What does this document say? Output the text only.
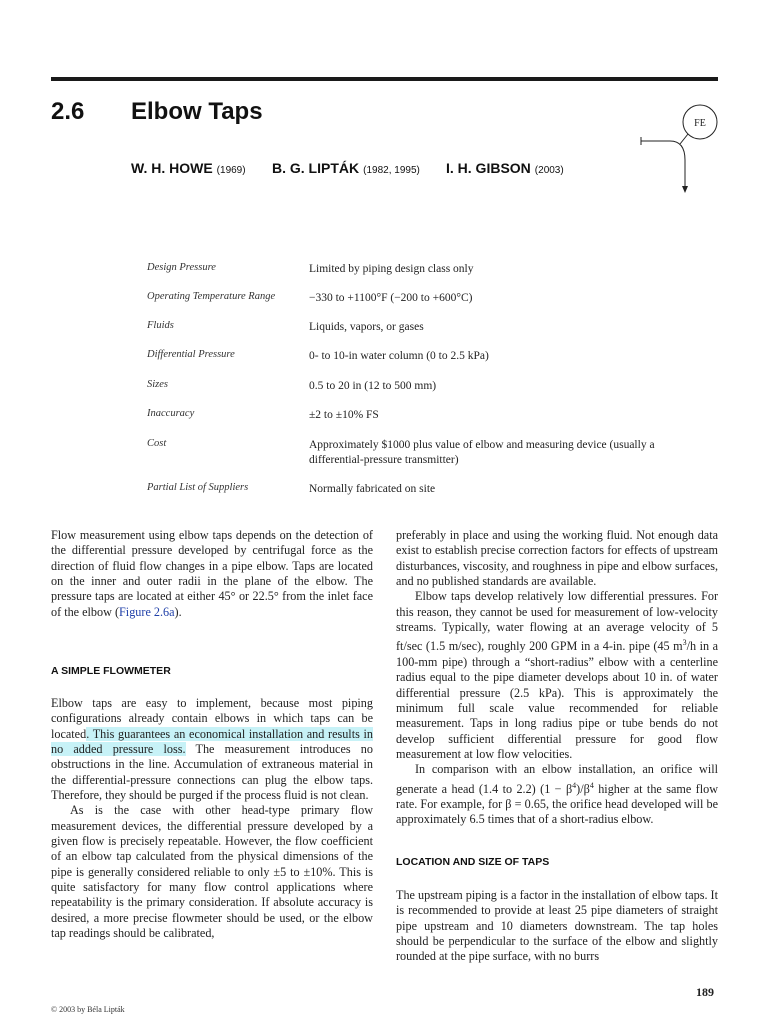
2.6 Elbow Taps
W. H. HOWE (1969) B. G. LIPTÁK (1982, 1995) I. H. GIBSON (2003)
FE
Design Pressure	Limited by piping design class only
Operating Temperature Range	−330 to +1100°F (−200 to +600°C)
Fluids	Liquids, vapors, or gases
Differential Pressure	0- to 10-in water column (0 to 2.5 kPa)
Sizes	0.5 to 20 in (12 to 500 mm)
Inaccuracy	±2 to ±10% FS
Cost	Approximately $1000 plus value of elbow and measuring device (usually a differential-pressure transmitter)
Partial List of Suppliers	Normally fabricated on site

Flow measurement using elbow taps depends on the detection of the differential pressure developed by centrifugal force as the direction of fluid flow changes in a pipe elbow. Taps are located on the inner and outer radii in the plane of the elbow. The pressure taps are located at either 45° or 22.5° from the inlet face of the elbow (Figure 2.6a).

A SIMPLE FLOWMETER

Elbow taps are easy to implement, because most piping configurations already contain elbows in which taps can be located. This guarantees an economical installation and results in no added pressure loss. The measurement introduces no obstructions in the line. Accumulation of extraneous material in the differential-pressure connections can plug the elbow taps. Therefore, they should be purged if the process fluid is not clean.

As is the case with other head-type primary flow measurement devices, the differential pressure developed by a given flow is precisely repeatable. However, the flow coefficient of an elbow tap calculated from the physical dimensions of the pipe is generally considered reliable to only ±5 to ±10%. This is quite satisfactory for many flow control applications where repeatability is the primary consideration. If absolute accuracy is desired, a more precise flowmeter should be used, or the elbow tap readings should be calibrated,

preferably in place and using the working fluid. Not enough data exist to establish precise correction factors for effects of upstream disturbances, viscosity, and roughness in pipe and elbow surfaces, and no published standards are available.

Elbow taps develop relatively low differential pressures. For this reason, they cannot be used for measurement of low-velocity streams. Typically, water flowing at an average velocity of 5 ft/sec (1.5 m/sec), roughly 200 GPM in a 4-in. pipe (45 $m^3/h$ in a 100-mm pipe) through a “short-radius” elbow with a centerline radius equal to the pipe diameter develops about 10 in. of water differential pressure (2.5 kPa). This is approximately the minimum full scale value recommended for reliable measurement. Taps in long radius pipe or tube bends do not develop sufficient differential pressure for good flow measurement at low flow velocities.

In comparison with an elbow installation, an orifice will generate a head (1.4 to 2.2) $(1 - \beta^4)/\beta^4$ higher at the same flow rate. For example, for β = 0.65, the orifice head developed will be approximately 6.5 times that of a short-radius elbow.

LOCATION AND SIZE OF TAPS

The upstream piping is a factor in the installation of elbow taps. It is recommended to provide at least 25 pipe diameters of straight pipe upstream and 10 diameters downstream. The tap holes should be perpendicular to the surface of the elbow and slightly rounded at the pipe surface, with no burrs

189
© 2003 by Béla Lipták
